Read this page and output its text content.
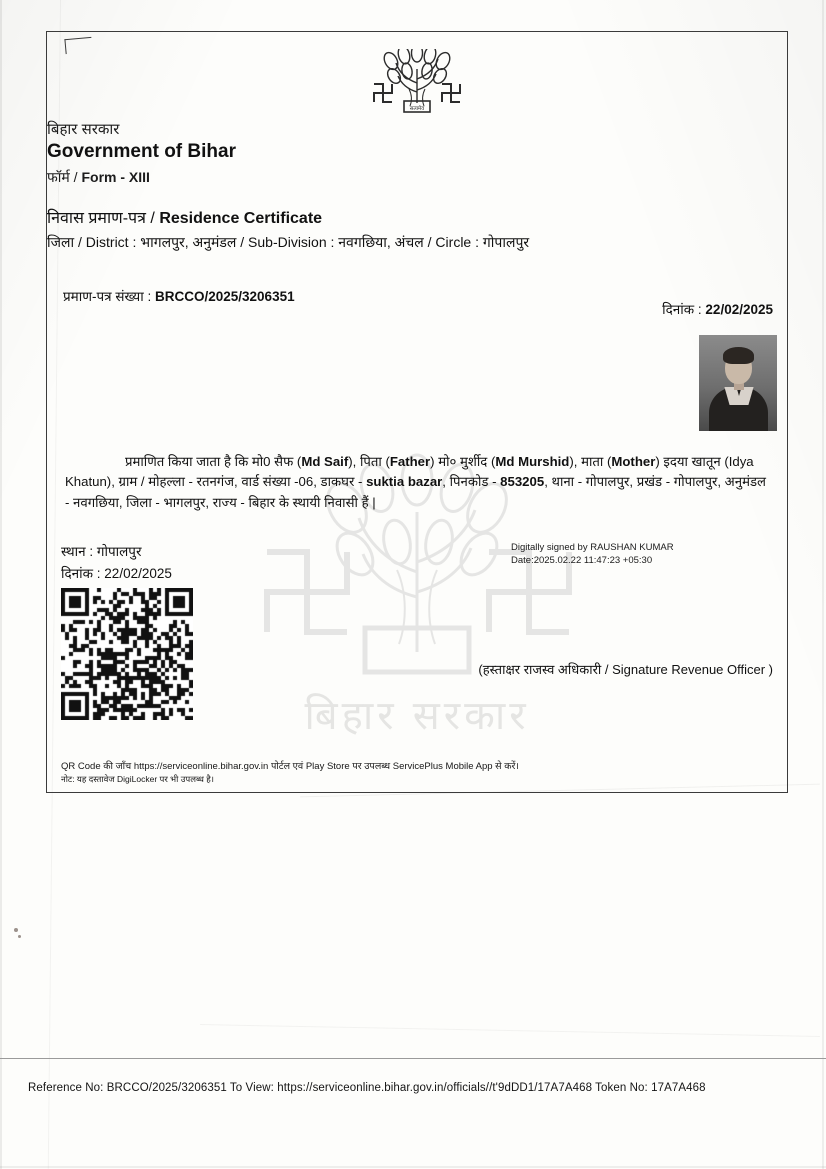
बिहार सरकार
सत्यमेव
बिहार सरकार
Government of Bihar
फॉर्म / Form - XIII
निवास प्रमाण-पत्र / Residence Certificate
जिला / District : भागलपुर, अनुमंडल / Sub-Division : नवगछिया, अंचल / Circle : गोपालपुर
प्रमाण-पत्र संख्या : BRCCO/2025/3206351
दिनांक : 22/02/2025
प्रमाणित किया जाता है कि मो0 सैफ (Md Saif), पिता (Father) मो० मुर्शीद (Md Murshid), माता (Mother) इदया खातून (Idya Khatun), ग्राम / मोहल्ला - रतनगंज, वार्ड संख्या -06, डाकघर - suktia bazar, पिनकोड - 853205, थाना - गोपालपुर, प्रखंड - गोपालपुर, अनुमंडल - नवगछिया, जिला - भागलपुर, राज्य - बिहार के स्थायी निवासी हैं |
स्थान : गोपालपुर
दिनांक : 22/02/2025
Digitally signed by RAUSHAN KUMAR
Date:2025.02.22 11:47:23 +05:30
(हस्ताक्षर राजस्व अधिकारी / Signature Revenue Officer )
QR Code की जाँच https://serviceonline.bihar.gov.in पोर्टल एवं Play Store पर उपलब्ध ServicePlus Mobile App से करें।
नोट: यह दस्तावेज DigiLocker पर भी उपलब्ध है।
Reference No: BRCCO/2025/3206351 To View: https://serviceonline.bihar.gov.in/officials//t'9dDD1/17A7A468 Token No: 17A7A468
